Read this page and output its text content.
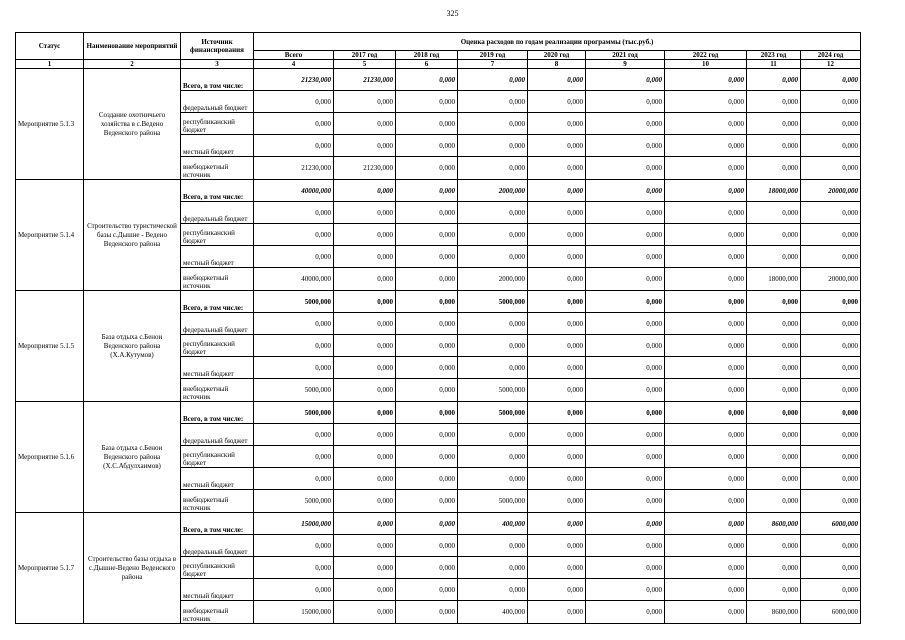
325
Статус	Наименование мероприятий	Источник финансирования	Оценка расходов по годам реализации программы (тыс.руб.)								
			Всего	2017 год	2018 год	2019 год	2020 год	2021 год	2022 год	2023 год	2024 год
1	2	3	4	5	6	7	8	9	10	11	12
Мероприятие 5.1.3	Создание охотничьего хозяйства в с.Ведено Веденского района	Всего, в том числе:	21230,000	21230,000	0,000	0,000	0,000	0,000	0,000	0,000	0,000
		федеральный бюджет	0,000	0,000	0,000	0,000	0,000	0,000	0,000	0,000	0,000
		республиканский бюджет	0,000	0,000	0,000	0,000	0,000	0,000	0,000	0,000	0,000
		местный бюджет	0,000	0,000	0,000	0,000	0,000	0,000	0,000	0,000	0,000
		внебюджетный источник	21230,000	21230,000	0,000	0,000	0,000	0,000	0,000	0,000	0,000
Мероприятие 5.1.4	Строительство туристической базы с.Дышне - Ведено Веденского района	Всего, в том числе:	40000,000	0,000	0,000	2000,000	0,000	0,000	0,000	18000,000	20000,000
		федеральный бюджет	0,000	0,000	0,000	0,000	0,000	0,000	0,000	0,000	0,000
		республиканский бюджет	0,000	0,000	0,000	0,000	0,000	0,000	0,000	0,000	0,000
		местный бюджет	0,000	0,000	0,000	0,000	0,000	0,000	0,000	0,000	0,000
		внебюджетный источник	40000,000	0,000	0,000	2000,000	0,000	0,000	0,000	18000,000	20000,000
Мероприятие 5.1.5	База отдыха с.Бенои Веденского района (Х.А.Кутумов)	Всего, в том числе:	5000,000	0,000	0,000	5000,000	0,000	0,000	0,000	0,000	0,000
		федеральный бюджет	0,000	0,000	0,000	0,000	0,000	0,000	0,000	0,000	0,000
		республиканский бюджет	0,000	0,000	0,000	0,000	0,000	0,000	0,000	0,000	0,000
		местный бюджет	0,000	0,000	0,000	0,000	0,000	0,000	0,000	0,000	0,000
		внебюджетный источник	5000,000	0,000	0,000	5000,000	0,000	0,000	0,000	0,000	0,000
Мероприятие 5.1.6	База отдыха с.Бенои Веденского района (Х.С.Абдулхаимов)	Всего, в том числе:	5000,000	0,000	0,000	5000,000	0,000	0,000	0,000	0,000	0,000
		федеральный бюджет	0,000	0,000	0,000	0,000	0,000	0,000	0,000	0,000	0,000
		республиканский бюджет	0,000	0,000	0,000	0,000	0,000	0,000	0,000	0,000	0,000
		местный бюджет	0,000	0,000	0,000	0,000	0,000	0,000	0,000	0,000	0,000
		внебюджетный источник	5000,000	0,000	0,000	5000,000	0,000	0,000	0,000	0,000	0,000
Мероприятие 5.1.7	Строительство базы отдыха в с.Дышне-Ведено Веденского района	Всего, в том числе:	15000,000	0,000	0,000	400,000	0,000	0,000	0,000	8600,000	6000,000
		федеральный бюджет	0,000	0,000	0,000	0,000	0,000	0,000	0,000	0,000	0,000
		республиканский бюджет	0,000	0,000	0,000	0,000	0,000	0,000	0,000	0,000	0,000
		местный бюджет	0,000	0,000	0,000	0,000	0,000	0,000	0,000	0,000	0,000
		внебюджетный источник	15000,000	0,000	0,000	400,000	0,000	0,000	0,000	8600,000	6000,000
